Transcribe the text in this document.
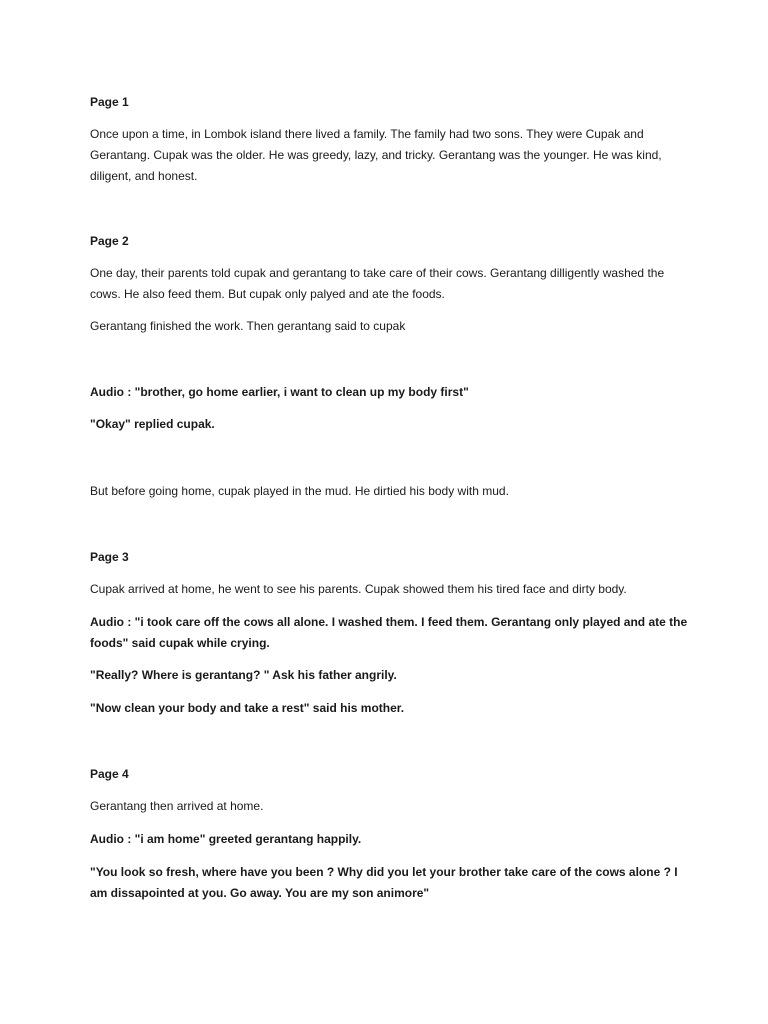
Page 1

Once upon a time, in Lombok island there lived a family. The family had two sons. They were Cupak and Gerantang. Cupak was the older. He was greedy, lazy, and tricky. Gerantang was the younger. He was kind, diligent, and honest.

Page 2

One day, their parents told cupak and gerantang to take care of their cows. Gerantang dilligently washed the cows. He also feed them. But cupak only palyed and ate the foods.

Gerantang finished the work. Then gerantang said to cupak

Audio : "brother, go home earlier, i want to clean up my body first"

"Okay" replied cupak.

But before going home, cupak played in the mud. He dirtied his body with mud.

Page 3

Cupak arrived at home, he went to see his parents. Cupak showed them his tired face and dirty body.

Audio : "i took care off the cows all alone. I washed them. I feed them. Gerantang only played and ate the foods" said cupak while crying.

"Really? Where is gerantang? " Ask his father angrily.

"Now clean your body and take a rest" said his mother.

Page 4

Gerantang then arrived at home.

Audio : "i am home" greeted gerantang happily.

"You look so fresh, where have you been ? Why did you let your brother take care of the cows alone ? I am dissapointed at you. Go away. You are my son animore"
